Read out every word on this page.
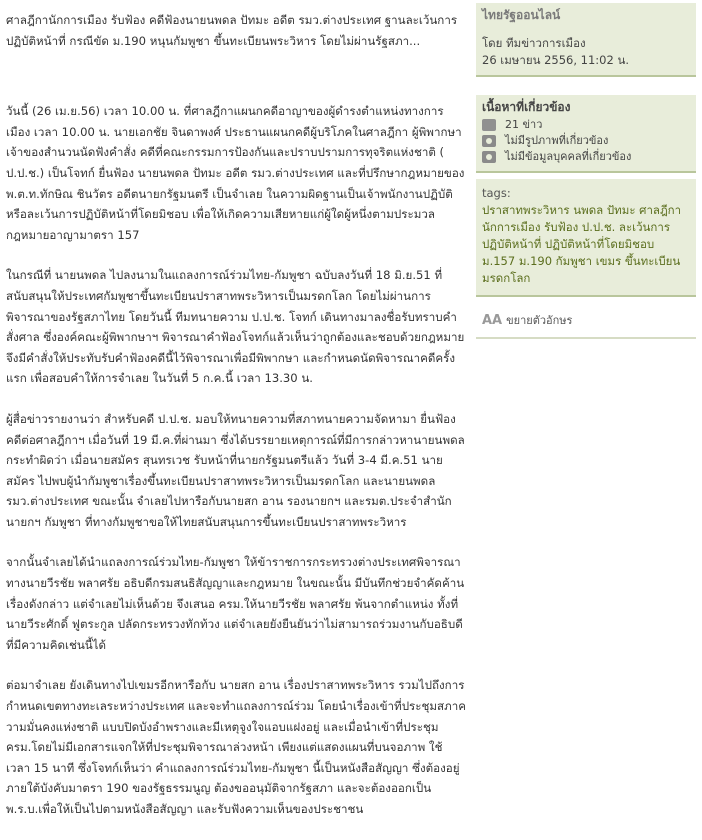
ศาลฎีกานักการเมือง รับฟ้อง คดีฟ้องนายนพดล ปัทมะ อดีต รมว.ต่างประเทศ ฐานละเว้นการปฏิบัติหน้าที่ กรณีขัด ม.190 หนุนกัมพูชา ขึ้นทะเบียนพระวิหาร โดยไม่ผ่านรัฐสภา...

วันนี้ (26 เม.ย.56) เวลา 10.00 น. ที่ศาลฎีกาแผนกคดีอาญาของผู้ดำรงตำแหน่งทางการเมือง เวลา 10.00 น. นายเอกชัย จินดาพงศ์ ประธานแผนกคดีผู้บริโภคในศาลฎีกา ผู้พิพากษาเจ้าของสำนวนนัดฟังคำสั่ง คดีที่คณะกรรมการป้องกันและปราบปรามการทุจริตแห่งชาติ ( ป.ป.ช.) เป็นโจทก์ ยื่นฟ้อง นายนพดล ปัทมะ อดีต รมว.ต่างประเทศ และที่ปรึกษากฎหมายของ พ.ต.ท.ทักษิณ ชินวัตร อดีตนายกรัฐมนตรี เป็นจำเลย ในความผิดฐานเป็นเจ้าพนักงานปฏิบัติหรือละเว้นการปฏิบัติหน้าที่โดยมิชอบ เพื่อให้เกิดความเสียหายแก่ผู้ใดผู้หนึ่งตามประมวลกฎหมายอาญามาตรา 157

ในกรณีที่ นายนพดล ไปลงนามในแถลงการณ์ร่วมไทย-กัมพูชา ฉบับลงวันที่ 18 มิ.ย.51 ที่สนับสนุนให้ประเทศกัมพูชาขึ้นทะเบียนปราสาทพระวิหารเป็นมรดกโลก โดยไม่ผ่านการพิจารณาของรัฐสภาไทย โดยวันนี้ ทีมทนายความ ป.ป.ช. โจทก์ เดินทางมาลงชื่อรับทราบคำสั่งศาล ซึ่งองค์คณะผู้พิพากษาฯ พิจารณาคำฟ้องโจทก์แล้วเห็นว่าถูกต้องและชอบด้วยกฎหมาย จึงมีคำสั่งให้ประทับรับคำฟ้องคดีนี้ไว้พิจารณาเพื่อมีพิพากษา และกำหนดนัดพิจารณาคดีครั้งแรก เพื่อสอบคำให้การจำเลย ในวันที่ 5 ก.ค.นี้ เวลา 13.30 น.

ผู้สื่อข่าวรายงานว่า สำหรับคดี ป.ป.ช. มอบให้ทนายความที่สภาทนายความจัดหามา ยื่นฟ้องคดีต่อศาลฎีกาฯ เมื่อวันที่ 19 มี.ค.ที่ผ่านมา ซึ่งได้บรรยายเหตุการณ์ที่มีการกล่าวหานายนพดล กระทำผิดว่า เมื่อนายสมัคร สุนทรเวช รับหน้าที่นายกรัฐมนตรีแล้ว วันที่ 3-4 มี.ค.51 นายสมัคร ไปพบผู้นำกัมพูชาเรื่องขึ้นทะเบียนปราสาทพระวิหารเป็นมรดกโลก และนายนพดล รมว.ต่างประเทศ ขณะนั้น จำเลยไปหารือกับนายสก อาน รองนายกฯ และรมต.ประจำสำนักนายกฯ กัมพูชา ที่ทางกัมพูชาขอให้ไทยสนับสนุนการขึ้นทะเบียนปราสาทพระวิหาร

จากนั้นจำเลยได้นำแถลงการณ์ร่วมไทย-กัมพูชา ให้ข้าราชการกระทรวงต่างประเทศพิจารณา ทางนายวีรชัย พลาศรัย อธิบดีกรมสนธิสัญญาและกฎหมาย ในขณะนั้น มีบันทึกช่วยจำคัดค้านเรื่องดังกล่าว แต่จำเลยไม่เห็นด้วย จึงเสนอ ครม.ให้นายวีรชัย พลาศรัย พ้นจากตำแหน่ง ทั้งที่ นายวีระศักดิ์ ฟูตระกูล ปลัดกระทรวงทักท้วง แต่จำเลยยังยืนยันว่าไม่สามารถร่วมงานกับอธิบดีที่มีความคิดเช่นนี้ได้

ต่อมาจำเลย ยังเดินทางไปเขมรอีกหารือกับ นายสก อาน เรื่องปราสาทพระวิหาร รวมไปถึงการกำหนดเขตทางทะเลระหว่างประเทศ และจะทำแถลงการณ์ร่วม โดยนำเรื่องเข้าที่ประชุมสภาความมั่นคงแห่งชาติ แบบปิดบังอำพรางและมีเหตุจูงใจแอบแฝงอยู่ และเมื่อนำเข้าที่ประชุม ครม.โดยไม่มีเอกสารแจกให้ที่ประชุมพิจารณาล่วงหน้า เพียงแต่แสดงแผนที่บนจอภาพ ใช้เวลา 15 นาที ซึ่งโจทก์เห็นว่า คำแถลงการณ์ร่วมไทย-กัมพูชา นี้เป็นหนังสือสัญญา ซึ่งต้องอยู่ภายใต้บังคับมาตรา 190 ของรัฐธรรมนูญ ต้องขออนุมัติจากรัฐสภา และจะต้องออกเป็น พ.ร.บ.เพื่อให้เป็นไปตามหนังสือสัญญา และรับฟังความเห็นของประชาชน

ไทยรัฐออนไลน์
โดย ทีมข่าวการเมือง
26 เมษายน 2556, 11:02 น.
เนื้อหาที่เกี่ยวข้อง
21 ข่าว
ไม่มีรูปภาพที่เกี่ยวข้อง
ไม่มีข้อมูลบุคคลที่เกี่ยวข้อง
tags:
ปราสาทพระวิหาร นพดล ปัทมะ ศาลฎีกานักการเมือง รับฟ้อง ป.ป.ช. ละเว้นการปฏิบัติหน้าที่ ปฏิบัติหน้าที่โดยมิชอบ ม.157 ม.190 กัมพูชา เขมร ขึ้นทะเบียน มรดกโลก
AA ขยายตัวอักษร
